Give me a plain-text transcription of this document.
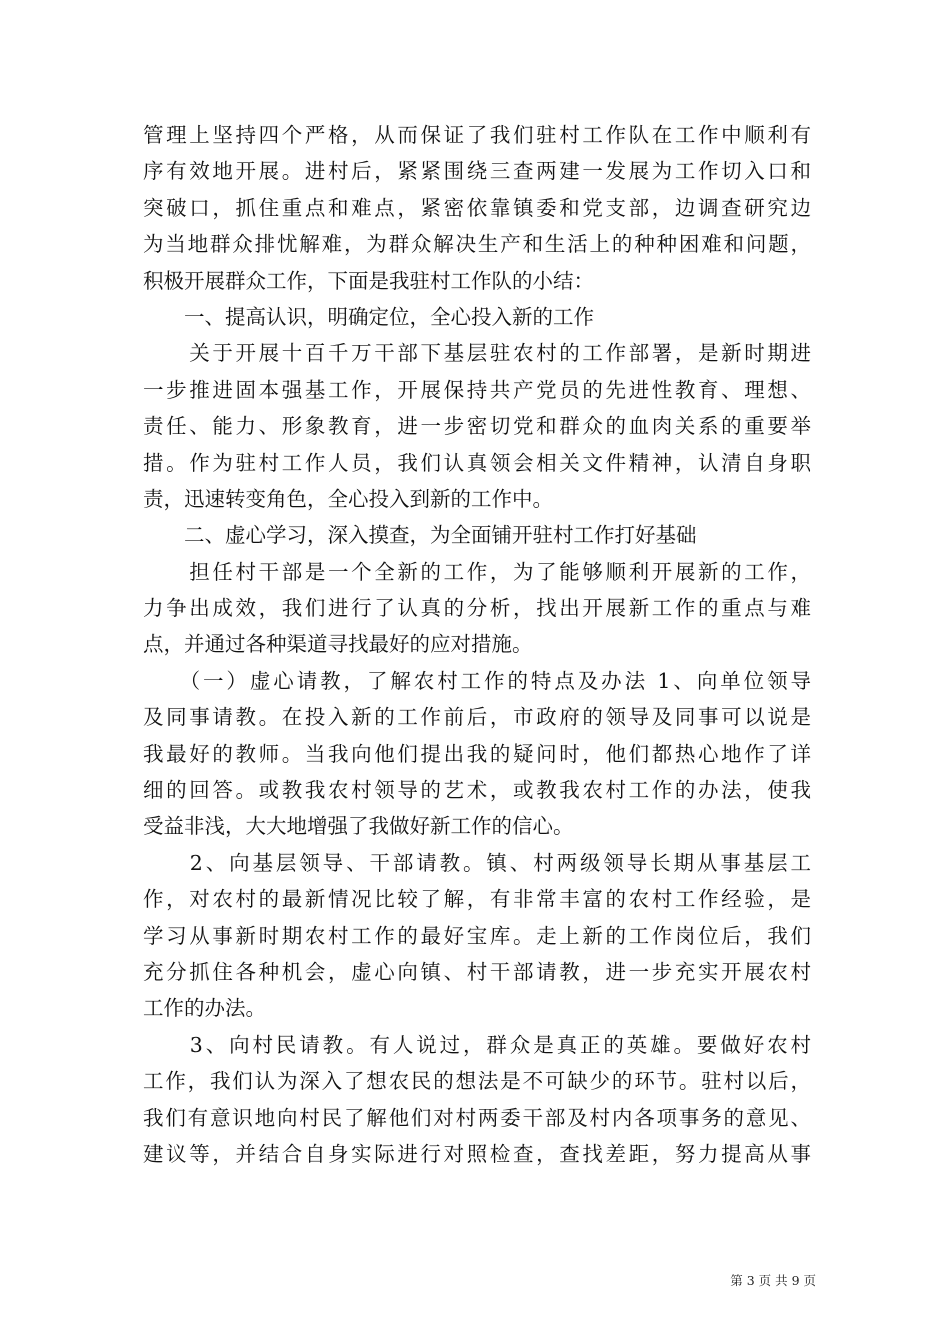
管理上坚持四个严格，从而保证了我们驻村工作队在工作中顺利有
序有效地开展。进村后，紧紧围绕三查两建一发展为工作切入口和
突破口，抓住重点和难点，紧密依靠镇委和党支部，边调查研究边
为当地群众排忧解难，为群众解决生产和生活上的种种困难和问题，
积极开展群众工作，下面是我驻村工作队的小结：
　　一、提高认识，明确定位，全心投入新的工作
　　关于开展十百千万干部下基层驻农村的工作部署，是新时期进
一步推进固本强基工作，开展保持共产党员的先进性教育、理想、
责任、能力、形象教育，进一步密切党和群众的血肉关系的重要举
措。作为驻村工作人员，我们认真领会相关文件精神，认清自身职
责，迅速转变角色，全心投入到新的工作中。
　　二、虚心学习，深入摸查，为全面铺开驻村工作打好基础
　　担任村干部是一个全新的工作，为了能够顺利开展新的工作，
力争出成效，我们进行了认真的分析，找出开展新工作的重点与难
点，并通过各种渠道寻找最好的应对措施。
　　（一）虚心请教，了解农村工作的特点及办法 1、向单位领导
及同事请教。在投入新的工作前后，市政府的领导及同事可以说是
我最好的教师。当我向他们提出我的疑问时，他们都热心地作了详
细的回答。或教我农村领导的艺术，或教我农村工作的办法，使我
受益非浅，大大地增强了我做好新工作的信心。
　　2、向基层领导、干部请教。镇、村两级领导长期从事基层工
作，对农村的最新情况比较了解，有非常丰富的农村工作经验，是
学习从事新时期农村工作的最好宝库。走上新的工作岗位后，我们
充分抓住各种机会，虚心向镇、村干部请教，进一步充实开展农村
工作的办法。
　　3、向村民请教。有人说过，群众是真正的英雄。要做好农村
工作，我们认为深入了想农民的想法是不可缺少的环节。驻村以后，
我们有意识地向村民了解他们对村两委干部及村内各项事务的意见、
建议等，并结合自身实际进行对照检查，查找差距，努力提高从事
第 3 页 共 9 页
